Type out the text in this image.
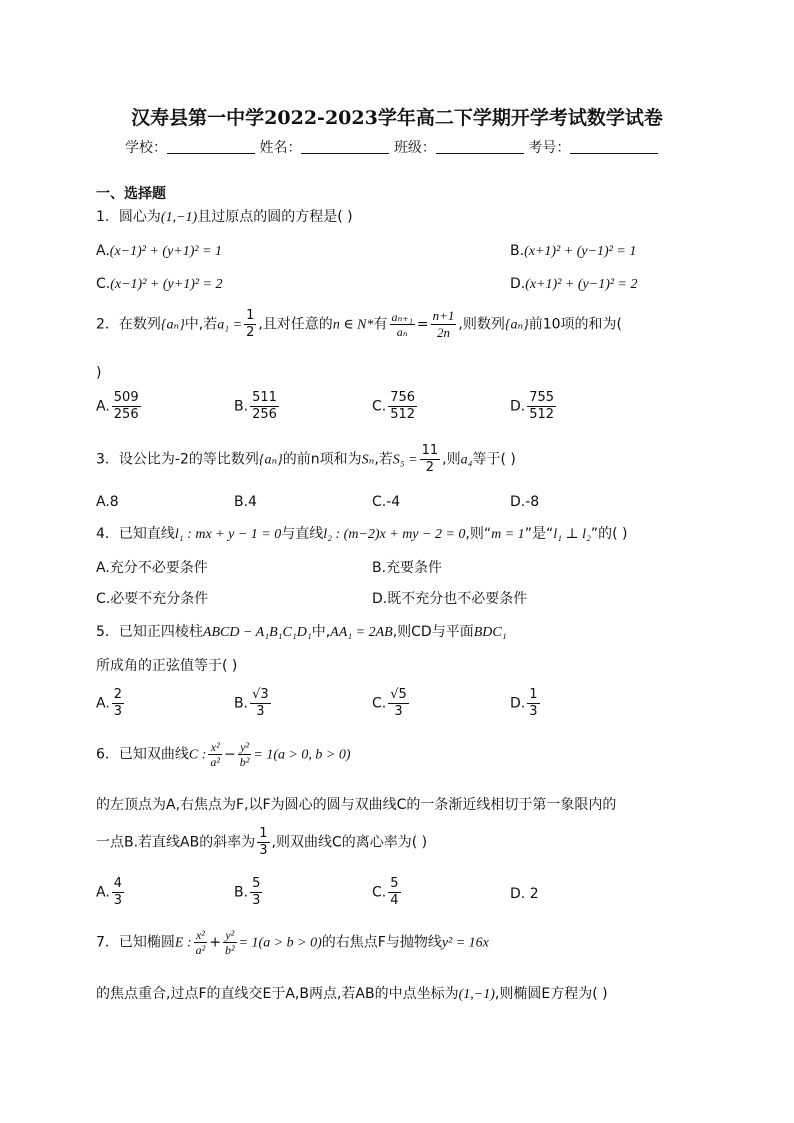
汉寿县第一中学2022-2023学年高二下学期开学考试数学试卷
学校：	姓名：	班级：	考号：
一、选择题
1．圆心为(1,−1)且过原点的圆的方程是( )
A.(x−1)² + (y+1)² = 1	B.(x+1)² + (y−1)² = 1
C.(x−1)² + (y+1)² = 2	D.(x+1)² + (y−1)² = 2
2．在数列{aₙ}中,若$a_1 = \frac{1}{2}$ ,且对任意的n ∈ N*有 $\frac{\text{aₙ₊₁}}{\text{aₙ}} = \frac{n+1}{2n}$ ,则数列{aₙ}前10项的和为(
)
A. $\frac{509}{256}$	B. $\frac{511}{256}$	C. $\frac{756}{512}$	D. $\frac{755}{512}$
3．设公比为-2的等比数列{aₙ}的前n项和为Sₙ,若$S_5 = \frac{11}{2}$ ,则a₄等于( )
A.8	B.4	C.-4	D.-8
4．已知直线l₁ : mx + y − 1 = 0与直线l₂ : (m−2)x + my − 2 = 0,则“m = 1”是“l₁ ⊥ l₂”的( )
A.充分不必要条件	B.充要条件
C.必要不充分条件	D.既不充分也不必要条件
5．已知正四棱柱ABCD − A₁B₁C₁D₁中,AA₁ = 2AB,则CD与平面BDC₁
所成角的正弦值等于( )
A. $\frac{2}{3}$	B. $\frac{√3}{3}$	C. $\frac{√5}{3}$	D. $\frac{1}{3}$
6．已知双曲线C : $\frac{\text{x²}}{\text{a²}} - \frac{\text{y²}}{\text{b²}} = 1(a > 0$, b > 0)
的左顶点为A,右焦点为F,以F为圆心的圆与双曲线C的一条渐近线相切于第一象限内的
一点B.若直线AB的斜率为 $\frac{1}{3}$ ,则双曲线C的离心率为( )
A. $\frac{4}{3}$	B. $\frac{5}{3}$	C. $\frac{5}{4}$	D. 2
7．已知椭圆E : $\frac{\text{x²}}{\text{a²}} + \frac{\text{y²}}{\text{b²}} = 1(a > b > 0)$的右焦点F与抛物线y² = 16x
的焦点重合,过点F的直线交E于A,B两点,若AB的中点坐标为(1,−1),则椭圆E方程为( )
